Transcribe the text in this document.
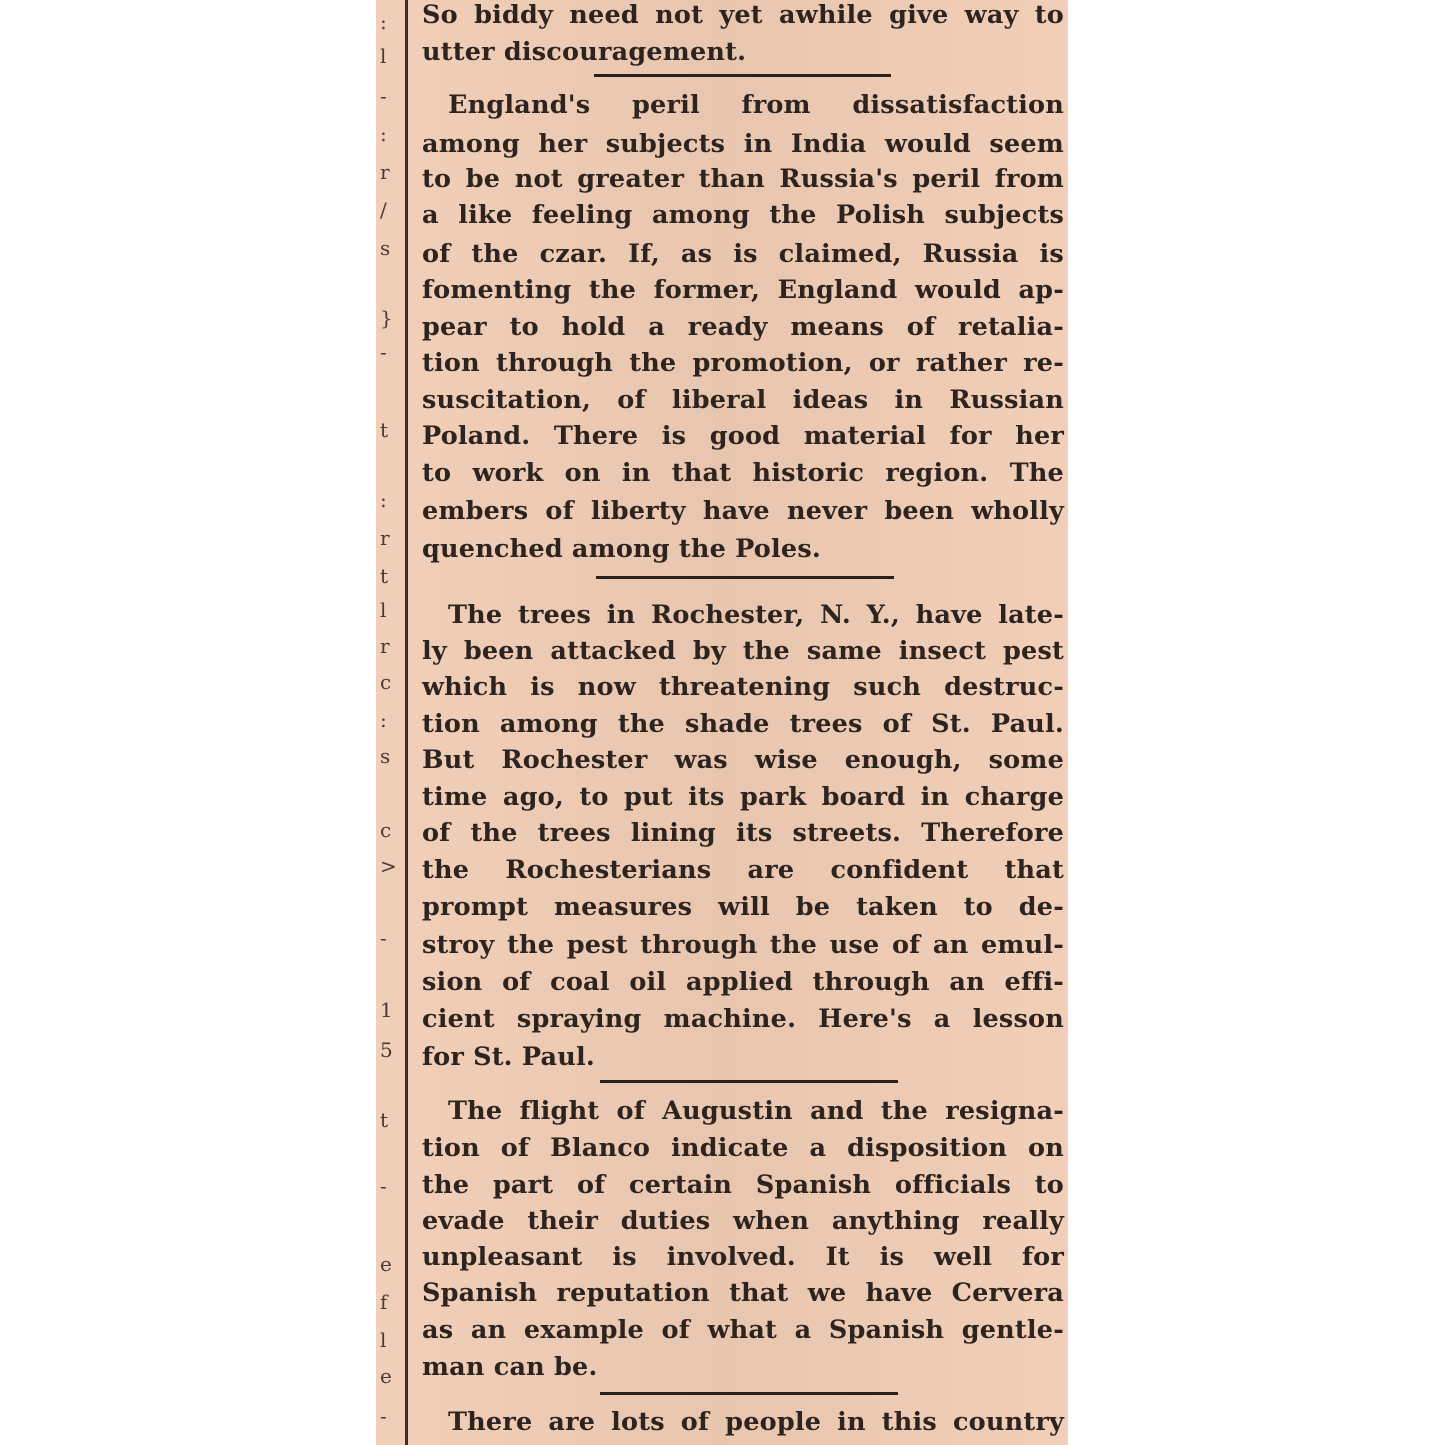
:
l
-
:
r
/
s
}
-
t
:
r
t
l
r
c
:
s
c
>
-
1
5
t
-
e
f
l
e
-
So biddy need not yet awhile give way to
utter discouragement.
England's peril from dissatisfaction
among her subjects in India would seem
to be not greater than Russia's peril from
a like feeling among the Polish subjects
of the czar. If, as is claimed, Russia is
fomenting the former, England would ap-
pear to hold a ready means of retalia-
tion through the promotion, or rather re-
suscitation, of liberal ideas in Russian
Poland. There is good material for her
to work on in that historic region. The
embers of liberty have never been wholly
quenched among the Poles.
The trees in Rochester, N. Y., have late-
ly been attacked by the same insect pest
which is now threatening such destruc-
tion among the shade trees of St. Paul.
But Rochester was wise enough, some
time ago, to put its park board in charge
of the trees lining its streets. Therefore
the Rochesterians are confident that
prompt measures will be taken to de-
stroy the pest through the use of an emul-
sion of coal oil applied through an effi-
cient spraying machine. Here's a lesson
for St. Paul.
The flight of Augustin and the resigna-
tion of Blanco indicate a disposition on
the part of certain Spanish officials to
evade their duties when anything really
unpleasant is involved. It is well for
Spanish reputation that we have Cervera
as an example of what a Spanish gentle-
man can be.
There are lots of people in this country
